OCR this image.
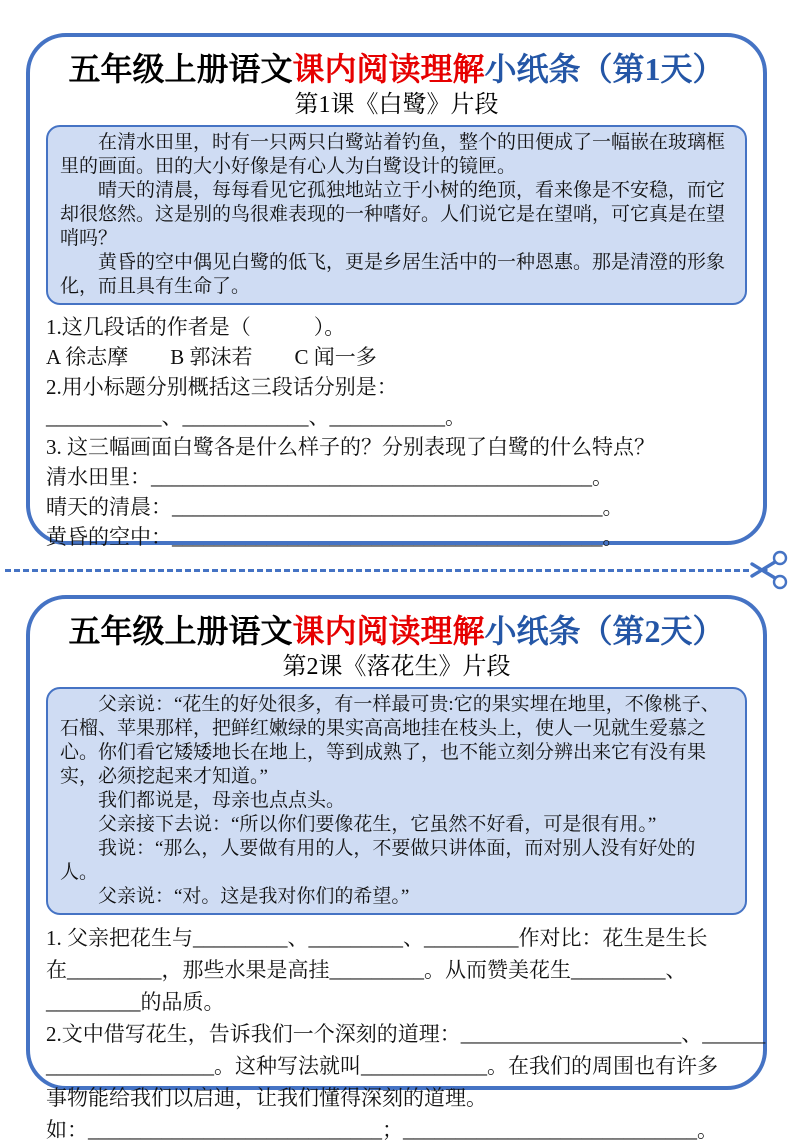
五年级上册语文课内阅读理解小纸条（第1天）
第1课《白鹭》片段

在清水田里，时有一只两只白鹭站着钓鱼，整个的田便成了一幅嵌在玻璃框里的画面。田的大小好像是有心人为白鹭设计的镜匣。

晴天的清晨，每每看见它孤独地站立于小树的绝顶，看来像是不安稳，而它却很悠然。这是别的鸟很难表现的一种嗜好。人们说它是在望哨，可它真是在望哨吗？

黄昏的空中偶见白鹭的低飞，更是乡居生活中的一种恩惠。那是清澄的形象化，而且具有生命了。

1.这几段话的作者是（　　　）。
A 徐志摩　　B 郭沫若　　C 闻一多
2.用小标题分别概括这三段话分别是：
___________、____________、___________。
3. 这三幅画面白鹭各是什么样子的？分别表现了白鹭的什么特点？
清水田里：__________________________________________。
晴天的清晨：_________________________________________。
黄昏的空中：_________________________________________。
五年级上册语文课内阅读理解小纸条（第2天）
第2课《落花生》片段

父亲说：“花生的好处很多，有一样最可贵:它的果实埋在地里，不像桃子、石榴、苹果那样，把鲜红嫩绿的果实高高地挂在枝头上，使人一见就生爱慕之心。你们看它矮矮地长在地上，等到成熟了，也不能立刻分辨出来它有没有果实，必须挖起来才知道。”

我们都说是，母亲也点点头。

父亲接下去说：“所以你们要像花生，它虽然不好看，可是很有用。”

我说：“那么，人要做有用的人，不要做只讲体面，而对别人没有好处的人。

父亲说：“对。这是我对你们的希望。”

1. 父亲把花生与_________、_________、_________作对比：花生是生长
在_________，那些水果是高挂_________。从而赞美花生_________、
_________的品质。
2.文中借写花生，告诉我们一个深刻的道理：_____________________、______
________________。这种写法就叫____________。在我们的周围也有许多
事物能给我们以启迪，让我们懂得深刻的道理。
如：____________________________；____________________________。
